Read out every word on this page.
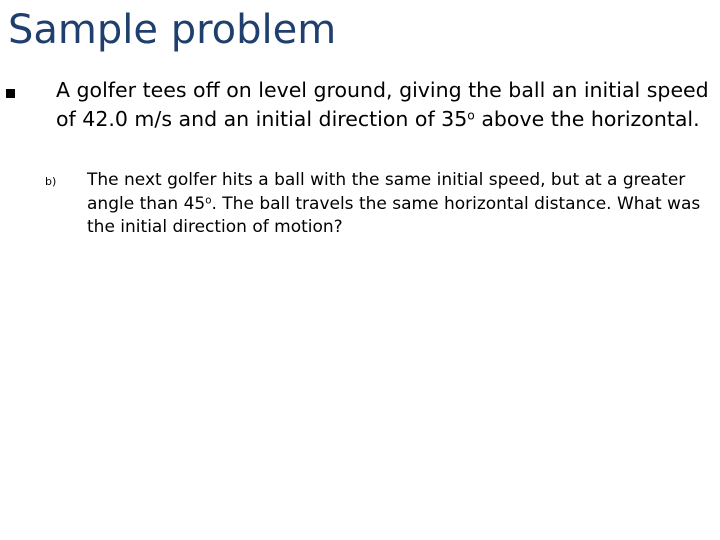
Sample problem
A golfer tees off on level ground, giving the ball an initial speed of 42.0 m/s and an initial direction of 35$^o$ above the horizontal.
b) The next golfer hits a ball with the same initial speed, but at a greater angle than 45$^o$. The ball travels the same horizontal distance. What was the initial direction of motion?
